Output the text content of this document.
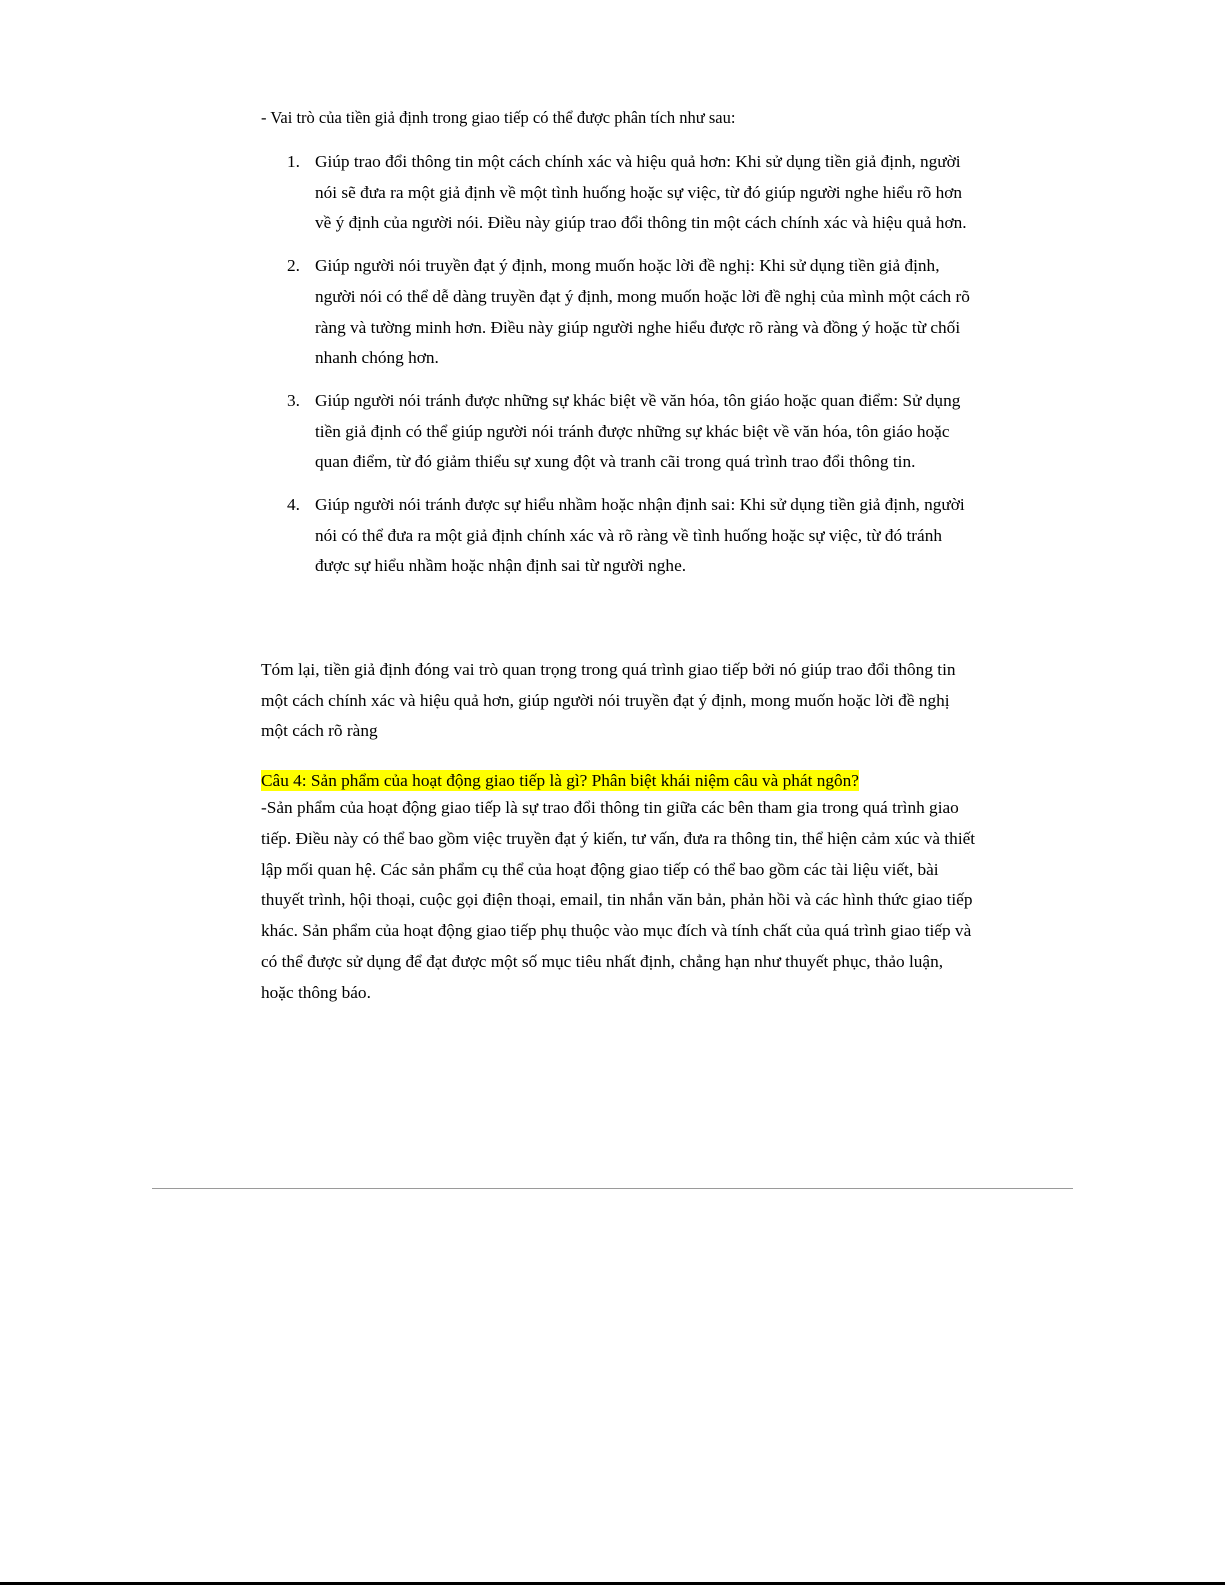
- Vai trò của tiền giả định trong giao tiếp có thể được phân tích như sau:
1. Giúp trao đổi thông tin một cách chính xác và hiệu quả hơn: Khi sử dụng tiền giả định, người nói sẽ đưa ra một giả định về một tình huống hoặc sự việc, từ đó giúp người nghe hiểu rõ hơn về ý định của người nói. Điều này giúp trao đổi thông tin một cách chính xác và hiệu quả hơn.
2. Giúp người nói truyền đạt ý định, mong muốn hoặc lời đề nghị: Khi sử dụng tiền giả định, người nói có thể dễ dàng truyền đạt ý định, mong muốn hoặc lời đề nghị của mình một cách rõ ràng và tường minh hơn. Điều này giúp người nghe hiểu được rõ ràng và đồng ý hoặc từ chối nhanh chóng hơn.
3. Giúp người nói tránh được những sự khác biệt về văn hóa, tôn giáo hoặc quan điểm: Sử dụng tiền giả định có thể giúp người nói tránh được những sự khác biệt về văn hóa, tôn giáo hoặc quan điểm, từ đó giảm thiểu sự xung đột và tranh cãi trong quá trình trao đổi thông tin.
4. Giúp người nói tránh được sự hiểu nhầm hoặc nhận định sai: Khi sử dụng tiền giả định, người nói có thể đưa ra một giả định chính xác và rõ ràng về tình huống hoặc sự việc, từ đó tránh được sự hiểu nhầm hoặc nhận định sai từ người nghe.

Tóm lại, tiền giả định đóng vai trò quan trọng trong quá trình giao tiếp bởi nó giúp trao đổi thông tin một cách chính xác và hiệu quả hơn, giúp người nói truyền đạt ý định, mong muốn hoặc lời đề nghị một cách rõ ràng

Câu 4: Sản phẩm của hoạt động giao tiếp là gì? Phân biệt khái niệm câu và phát ngôn?

-Sản phẩm của hoạt động giao tiếp là sự trao đổi thông tin giữa các bên tham gia trong quá trình giao tiếp. Điều này có thể bao gồm việc truyền đạt ý kiến, tư vấn, đưa ra thông tin, thể hiện cảm xúc và thiết lập mối quan hệ. Các sản phẩm cụ thể của hoạt động giao tiếp có thể bao gồm các tài liệu viết, bài thuyết trình, hội thoại, cuộc gọi điện thoại, email, tin nhắn văn bản, phản hồi và các hình thức giao tiếp khác. Sản phẩm của hoạt động giao tiếp phụ thuộc vào mục đích và tính chất của quá trình giao tiếp và có thể được sử dụng để đạt được một số mục tiêu nhất định, chẳng hạn như thuyết phục, thảo luận, hoặc thông báo.
